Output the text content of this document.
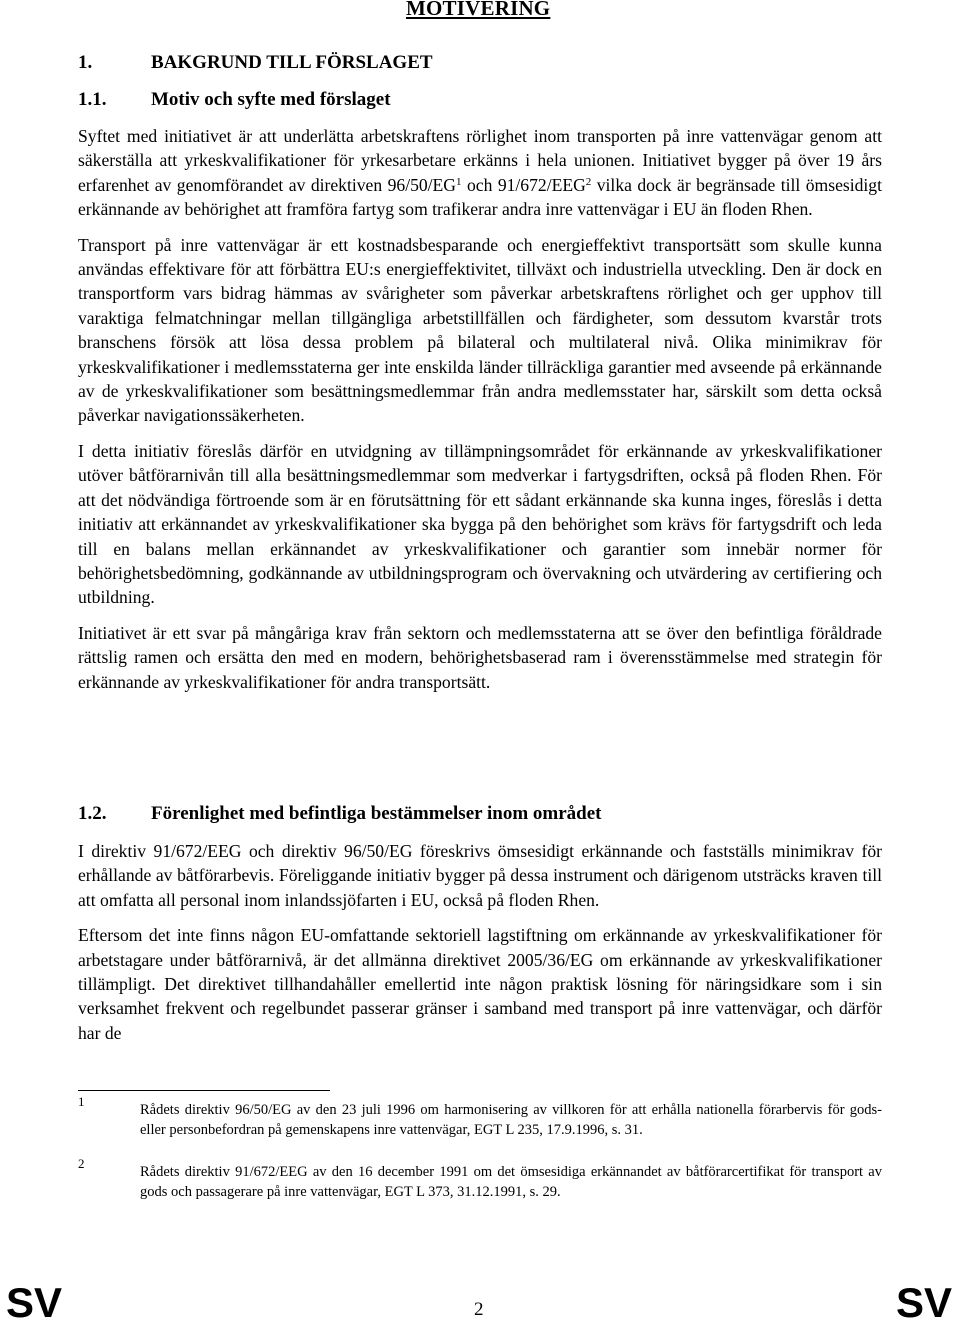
MOTIVERING
1.	BAKGRUND TILL FÖRSLAGET
1.1. Motiv och syfte med förslaget

Syftet med initiativet är att underlätta arbetskraftens rörlighet inom transporten på inre vattenvägar genom att säkerställa att yrkeskvalifikationer för yrkesarbetare erkänns i hela unionen. Initiativet bygger på över 19 års erfarenhet av genomförandet av direktiven $96/50/EG^1$ och 91/672/EEG$^2$ vilka dock är begränsade till ömsesidigt erkännande av behörighet att framföra fartyg som trafikerar andra inre vattenvägar i EU än floden Rhen.

Transport på inre vattenvägar är ett kostnadsbesparande och energieffektivt transportsätt som skulle kunna användas effektivare för att förbättra EU:s energieffektivitet, tillväxt och industriella utveckling. Den är dock en transportform vars bidrag hämmas av svårigheter som påverkar arbetskraftens rörlighet och ger upphov till varaktiga felmatchningar mellan tillgängliga arbetstillfällen och färdigheter, som dessutom kvarstår trots branschens försök att lösa dessa problem på bilateral och multilateral nivå. Olika minimikrav för yrkeskvalifikationer i medlemsstaterna ger inte enskilda länder tillräckliga garantier med avseende på erkännande av de yrkeskvalifikationer som besättningsmedlemmar från andra medlemsstater har, särskilt som detta också påverkar navigationssäkerheten.

I detta initiativ föreslås därför en utvidgning av tillämpningsområdet för erkännande av yrkeskvalifikationer utöver båtförarnivån till alla besättningsmedlemmar som medverkar i fartygsdriften, också på floden Rhen. För att det nödvändiga förtroende som är en förutsättning för ett sådant erkännande ska kunna inges, föreslås i detta initiativ att erkännandet av yrkeskvalifikationer ska bygga på den behörighet som krävs för fartygsdrift och leda till en balans mellan erkännandet av yrkeskvalifikationer och garantier som innebär normer för behörighetsbedömning, godkännande av utbildningsprogram och övervakning och utvärdering av certifiering och utbildning.

Initiativet är ett svar på mångåriga krav från sektorn och medlemsstaterna att se över den befintliga föråldrade rättslig ramen och ersätta den med en modern, behörighetsbaserad ram i överensstämmelse med strategin för erkännande av yrkeskvalifikationer för andra transportsätt.

1.2. Förenlighet med befintliga bestämmelser inom området

I direktiv 91/672/EEG och direktiv 96/50/EG föreskrivs ömsesidigt erkännande och fastställs minimikrav för erhållande av båtförarbevis. Föreliggande initiativ bygger på dessa instrument och därigenom utsträcks kraven till att omfatta all personal inom inlandssjöfarten i EU, också på floden Rhen.

Eftersom det inte finns någon EU-omfattande sektoriell lagstiftning om erkännande av yrkeskvalifikationer för arbetstagare under båtförarnivå, är det allmänna direktivet 2005/36/EG om erkännande av yrkeskvalifikationer tillämpligt. Det direktivet tillhandahåller emellertid inte någon praktisk lösning för näringsidkare som i sin verksamhet frekvent och regelbundet passerar gränser i samband med transport på inre vattenvägar, och därför har de

1
Rådets direktiv 96/50/EG av den 23 juli 1996 om harmonisering av villkoren för att erhålla nationella förarbervis för gods- eller personbefordran på gemenskapens inre vattenvägar, EGT L 235, 17.9.1996, s. 31.
2
Rådets direktiv 91/672/EEG av den 16 december 1991 om det ömsesidiga erkännandet av båtförarcertifikat för transport av gods och passagerare på inre vattenvägar, EGT L 373, 31.12.1991, s. 29.
SV	2	SV
